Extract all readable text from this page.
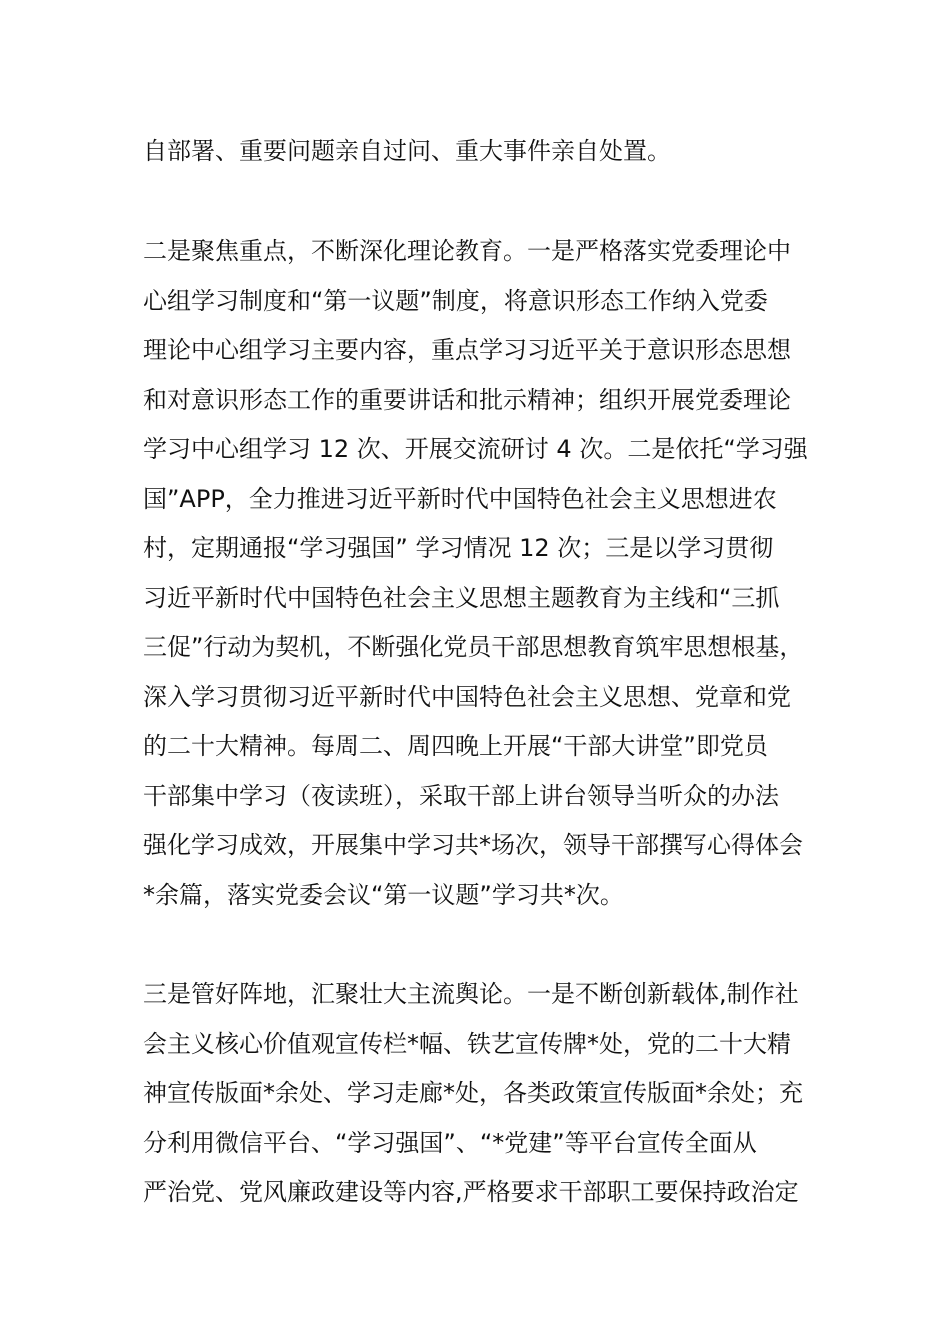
自部署、重要问题亲自过问、重大事件亲自处置。
二是聚焦重点，不断深化理论教育。一是严格落实党委理论中
心组学习制度和“第一议题”制度，将意识形态工作纳入党委
理论中心组学习主要内容，重点学习习近平关于意识形态思想
和对意识形态工作的重要讲话和批示精神；组织开展党委理论
学习中心组学习 12 次、开展交流研讨 4 次。二是依托“学习强
国”APP，全力推进习近平新时代中国特色社会主义思想进农
村，定期通报“学习强国” 学习情况 12 次；三是以学习贯彻
习近平新时代中国特色社会主义思想主题教育为主线和“三抓
三促”行动为契机，不断强化党员干部思想教育筑牢思想根基，
深入学习贯彻习近平新时代中国特色社会主义思想、党章和党
的二十大精神。每周二、周四晚上开展“干部大讲堂”即党员
干部集中学习（夜读班），采取干部上讲台领导当听众的办法
强化学习成效，开展集中学习共*场次，领导干部撰写心得体会
*余篇，落实党委会议“第一议题”学习共*次。
三是管好阵地，汇聚壮大主流舆论。一是不断创新载体,制作社
会主义核心价值观宣传栏*幅、铁艺宣传牌*处，党的二十大精
神宣传版面*余处、学习走廊*处，各类政策宣传版面*余处；充
分利用微信平台、“学习强国”、“*党建”等平台宣传全面从
严治党、党风廉政建设等内容,严格要求干部职工要保持政治定
